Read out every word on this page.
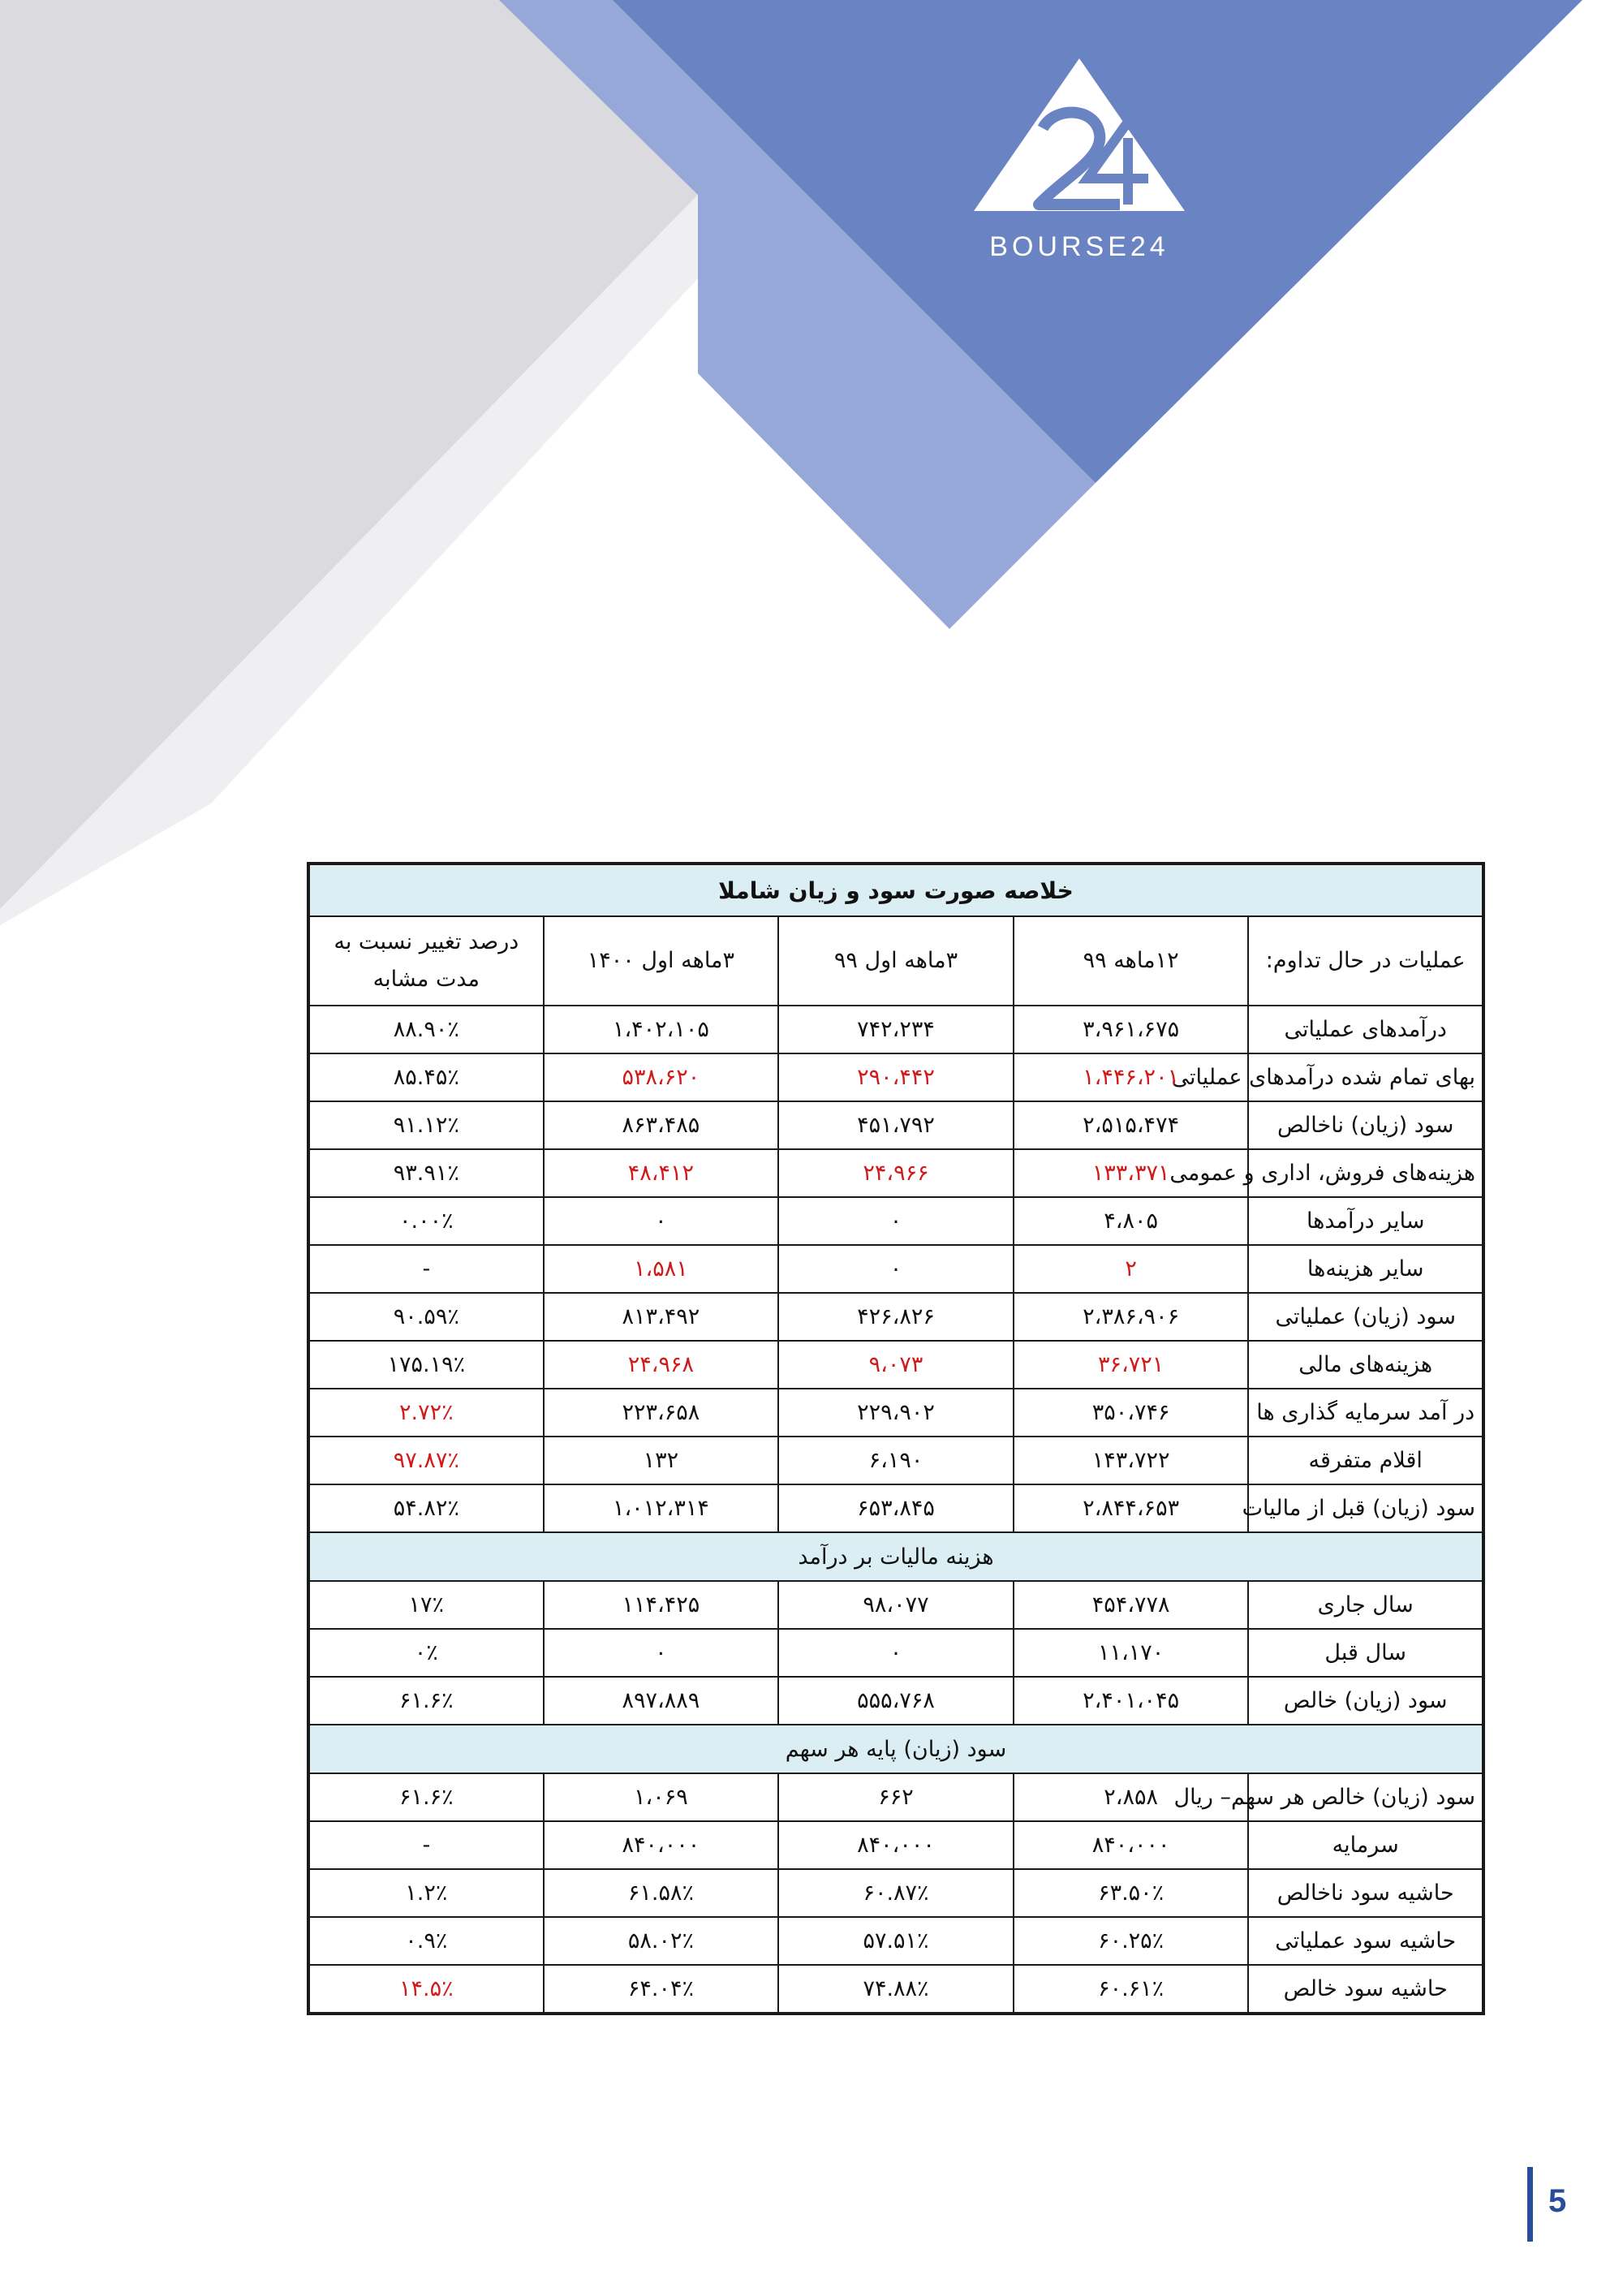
BOURSE24
خلاصه صورت سود و زیان شاملا				
عملیات در حال تداوم:	۱۲ماهه ۹۹	۳ماهه اول ۹۹	۳ماهه اول ۱۴۰۰	درصد تغییر نسبت به مدت مشابه
درآمدهای عملیاتی	۳،۹۶۱،۶۷۵	۷۴۲،۲۳۴	۱،۴۰۲،۱۰۵	۸۸.۹۰٪
بهای تمام شده درآمدهای عملیاتی	۱،۴۴۶،۲۰۱	۲۹۰،۴۴۲	۵۳۸،۶۲۰	۸۵.۴۵٪
سود (زیان) ناخالص	۲،۵۱۵،۴۷۴	۴۵۱،۷۹۲	۸۶۳،۴۸۵	۹۱.۱۲٪
هزینه‌های فروش، اداری و عمومی	۱۳۳،۳۷۱	۲۴،۹۶۶	۴۸،۴۱۲	۹۳.۹۱٪
سایر درآمدها	۴،۸۰۵	۰	۰	۰.۰۰٪
سایر هزینه‌ها	۲	۰	۱،۵۸۱	-
سود (زیان) عملیاتی	۲،۳۸۶،۹۰۶	۴۲۶،۸۲۶	۸۱۳،۴۹۲	۹۰.۵۹٪
هزینه‌های مالی	۳۶،۷۲۱	۹،۰۷۳	۲۴،۹۶۸	۱۷۵.۱۹٪
در آمد سرمایه گذاری ها	۳۵۰،۷۴۶	۲۲۹،۹۰۲	۲۲۳،۶۵۸	۲.۷۲٪
اقلام متفرقه	۱۴۳،۷۲۲	۶،۱۹۰	۱۳۲	۹۷.۸۷٪
سود (زیان) قبل از مالیات	۲،۸۴۴،۶۵۳	۶۵۳،۸۴۵	۱،۰۱۲،۳۱۴	۵۴.۸۲٪
هزینه مالیات بر درآمد				
سال جاری	۴۵۴،۷۷۸	۹۸،۰۷۷	۱۱۴،۴۲۵	۱۷٪
سال قبل	۱۱،۱۷۰	۰	۰	۰٪
سود (زیان) خالص	۲،۴۰۱،۰۴۵	۵۵۵،۷۶۸	۸۹۷،۸۸۹	۶۱.۶٪
سود (زیان) پایه هر سهم				
سود (زیان) خالص هر سهم– ریال	۲،۸۵۸	۶۶۲	۱،۰۶۹	۶۱.۶٪
سرمایه	۸۴۰،۰۰۰	۸۴۰،۰۰۰	۸۴۰،۰۰۰	-
حاشیه سود ناخالص	۶۳.۵۰٪	۶۰.۸۷٪	۶۱.۵۸٪	۱.۲٪
حاشیه سود عملیاتی	۶۰.۲۵٪	۵۷.۵۱٪	۵۸.۰۲٪	۰.۹٪
حاشیه سود خالص	۶۰.۶۱٪	۷۴.۸۸٪	۶۴.۰۴٪	۱۴.۵٪
5
